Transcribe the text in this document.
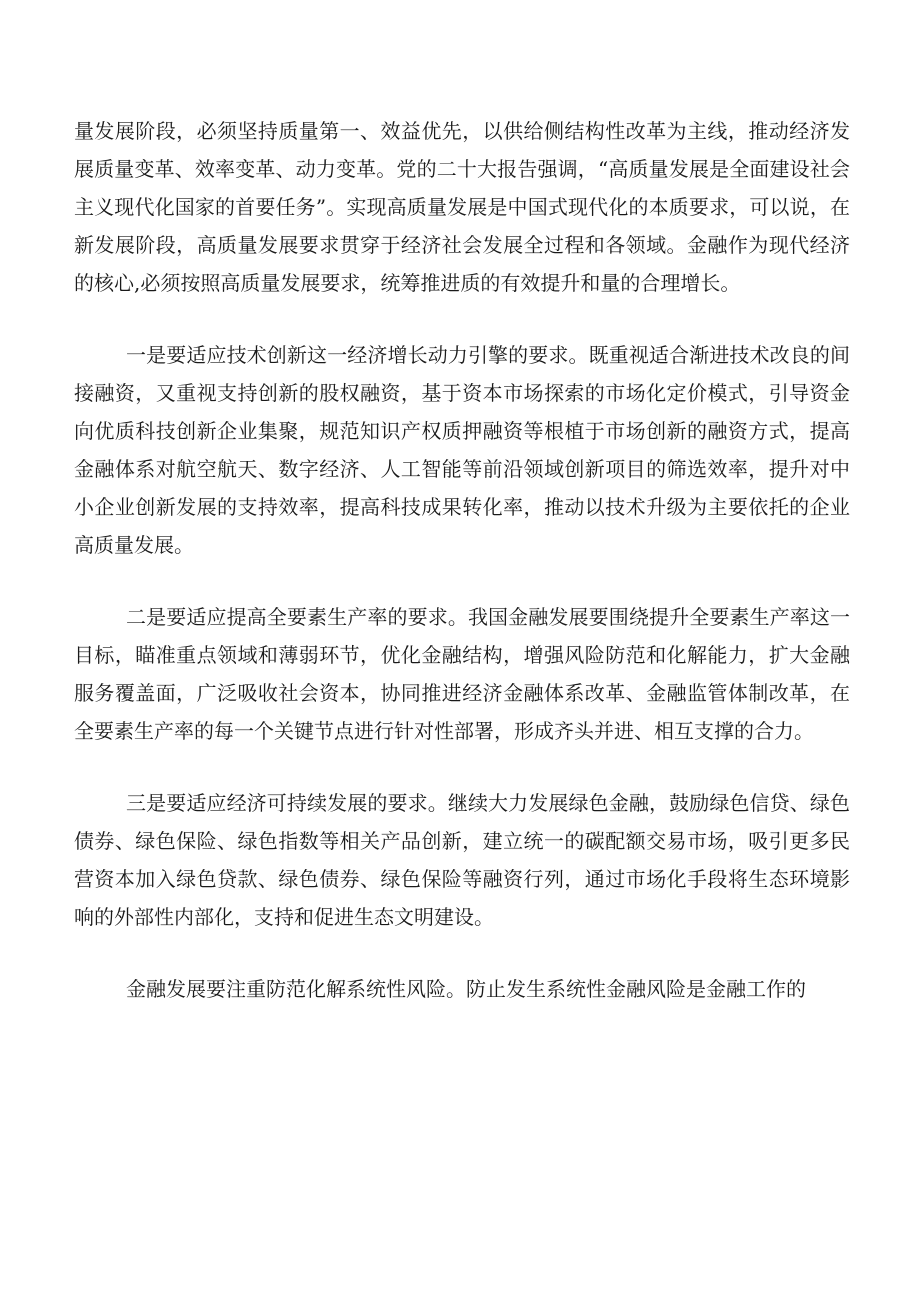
量发展阶段，必须坚持质量第一、效益优先，以供给侧结构性改革为主线，推动经济发展质量变革、效率变革、动力变革。党的二十大报告强调，“高质量发展是全面建设社会主义现代化国家的首要任务”。实现高质量发展是中国式现代化的本质要求，可以说，在新发展阶段，高质量发展要求贯穿于经济社会发展全过程和各领域。金融作为现代经济的核心,必须按照高质量发展要求，统筹推进质的有效提升和量的合理增长。

一是要适应技术创新这一经济增长动力引擎的要求。既重视适合渐进技术改良的间接融资，又重视支持创新的股权融资，基于资本市场探索的市场化定价模式，引导资金向优质科技创新企业集聚，规范知识产权质押融资等根植于市场创新的融资方式，提高金融体系对航空航天、数字经济、人工智能等前沿领域创新项目的筛选效率，提升对中小企业创新发展的支持效率，提高科技成果转化率，推动以技术升级为主要依托的企业高质量发展。

二是要适应提高全要素生产率的要求。我国金融发展要围绕提升全要素生产率这一目标，瞄准重点领域和薄弱环节，优化金融结构，增强风险防范和化解能力，扩大金融服务覆盖面，广泛吸收社会资本，协同推进经济金融体系改革、金融监管体制改革，在全要素生产率的每一个关键节点进行针对性部署，形成齐头并进、相互支撑的合力。

三是要适应经济可持续发展的要求。继续大力发展绿色金融，鼓励绿色信贷、绿色债券、绿色保险、绿色指数等相关产品创新，建立统一的碳配额交易市场，吸引更多民营资本加入绿色贷款、绿色债券、绿色保险等融资行列，通过市场化手段将生态环境影响的外部性内部化，支持和促进生态文明建设。

金融发展要注重防范化解系统性风险。防止发生系统性金融风险是金融工作的
